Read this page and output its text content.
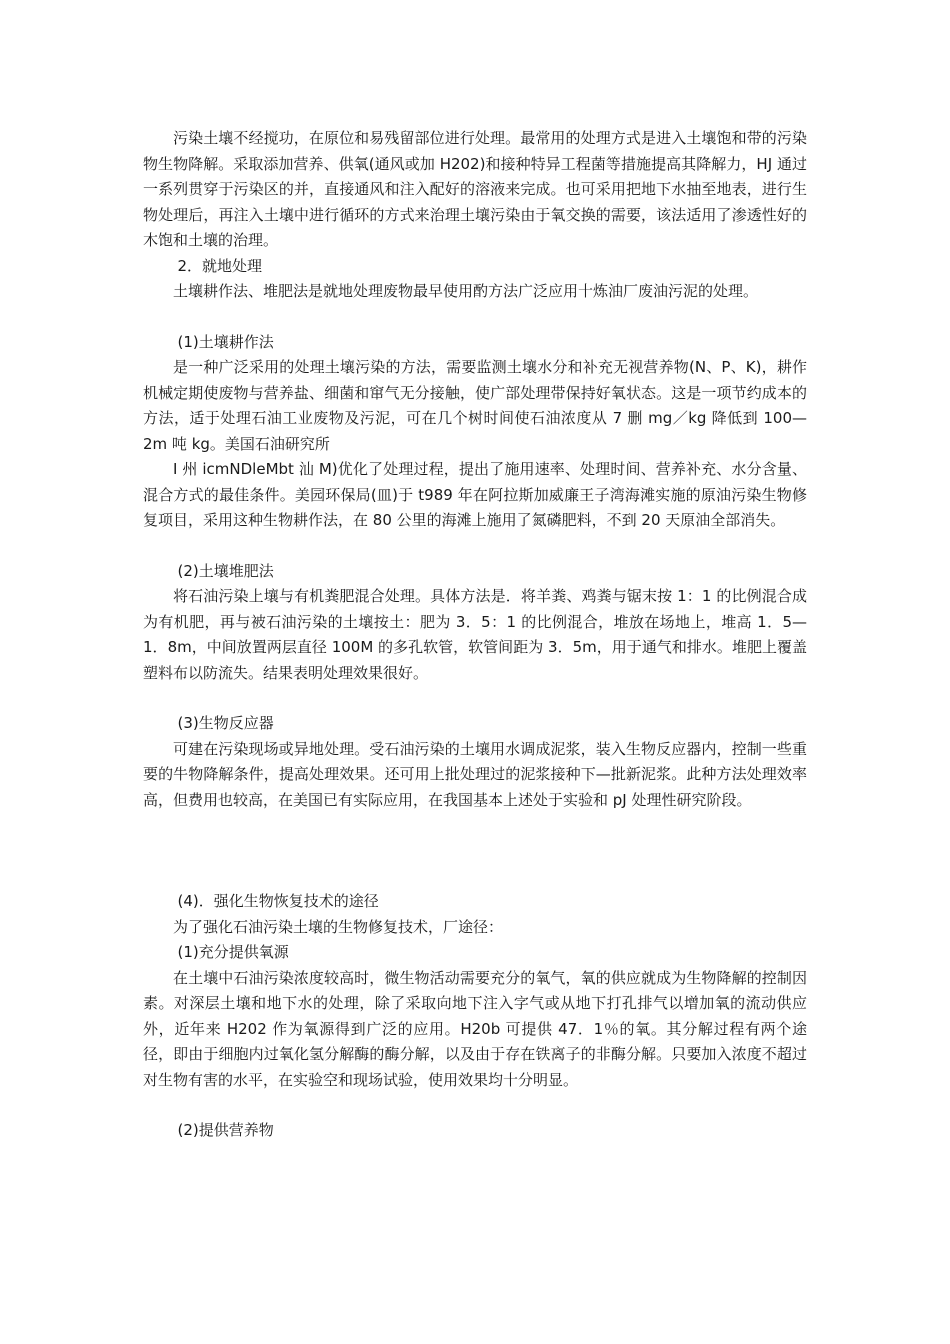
污染土壤不经搅功，在原位和易残留部位进行处理。最常用的处理方式是进入土壤饱和带的污染物生物降解。采取添加营养、供氧(通风或加 H202)和接种特异工程菌等措施提高其降解力，HJ 通过一系列贯穿于污染区的并，直接通风和注入配好的溶液来完成。也可采用把地下水抽至地表，进行生物处理后，再注入土壤中进行循环的方式来治理土壤污染由于氧交换的需要，该法适用了渗透性好的木饱和土壤的治理。

2．就地处理

土壤耕作法、堆肥法是就地处理废物最早使用酌方法广泛应用十炼油厂废油污泥的处理。

(1)土壤耕作法

是一种广泛采用的处理土壤污染的方法，需要监测土壤水分和补充无视营养物(N、P、K)，耕作机械定期使废物与营养盐、细菌和窜气无分接触，使广部处理带保持好氧状态。这是一项节约成本的方法，适于处理石油工业废物及污泥，可在几个树时间使石油浓度从 7 删 mg／kg 降低到 100—2m 吨 kg。美国石油研究所

I 州 icmNDleMbt 汕 M)优化了处理过程，提出了施用速率、处理时间、营养补充、水分含量、混合方式的最佳条件。美园环保局(皿)于 t989 年在阿拉斯加威廉王子湾海滩实施的原油污染生物修复项目，采用这种生物耕作法，在 80 公里的海滩上施用了氮磷肥料，不到 20 天原油全部消失。

(2)土壤堆肥法

将石油污染上壤与有机粪肥混合处理。具体方法是．将羊粪、鸡粪与锯末按 1：1 的比例混合成为有机肥，再与被石油污染的土壤按土：肥为 3．5：1 的比例混合，堆放在场地上，堆高 1．5—1．8m，中间放置两层直径 100M 的多孔软管，软管间距为 3．5m，用于通气和排水。堆肥上覆盖塑料布以防流失。结果表明处理效果很好。

(3)生物反应器

可建在污染现场或异地处理。受石油污染的土壤用水调成泥浆，装入生物反应器内，控制一些重要的牛物降解条件，提高处理效果。还可用上批处理过的泥浆接种下—批新泥浆。此种方法处理效率高，但费用也较高，在美国已有实际应用，在我国基本上述处于实验和 pJ 处理性研究阶段。

(4)．强化生物恢复技术的途径

为了强化石油污染土壤的生物修复技术，厂途径：

(1)充分提供氧源

在土壤中石油污染浓度较高时，微生物活动需要充分的氧气，氧的供应就成为生物降解的控制因素。对深层土壤和地下水的处理，除了采取向地下注入字气或从地下打孔排气以增加氧的流动供应外，近年来 H202 作为氧源得到广泛的应用。H20b 可提供 47．1％的氧。其分解过程有两个途径，即由于细胞内过氧化氢分解酶的酶分解，以及由于存在铁离子的非酶分解。只要加入浓度不超过对生物有害的水平，在实验空和现场试验，使用效果均十分明显。

(2)提供营养物
